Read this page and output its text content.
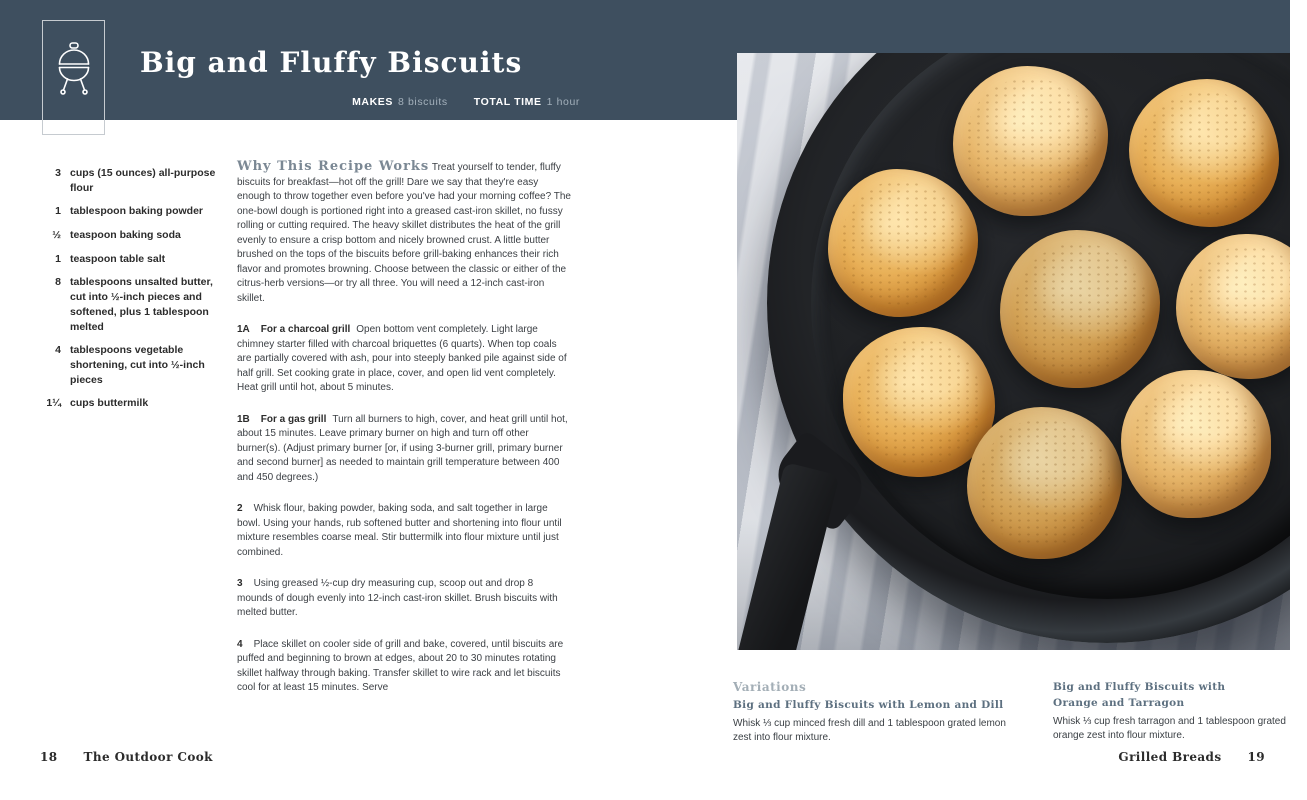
Big and Fluffy Biscuits
MAKES 8 biscuits TOTAL TIME 1 hour
3 cups (15 ounces) all-purpose flour
1 tablespoon baking powder
½ teaspoon baking soda
1 teaspoon table salt
8 tablespoons unsalted butter, cut into ½-inch pieces and softened, plus 1 tablespoon melted
4 tablespoons vegetable shortening, cut into ½-inch pieces
1¼ cups buttermilk

Why This Recipe Works Treat yourself to tender, fluffy biscuits for breakfast—hot off the grill! Dare we say that they're easy enough to throw together even before you've had your morning coffee? The one-bowl dough is portioned right into a greased cast-iron skillet, no fussy rolling or cutting required. The heavy skillet distributes the heat of the grill evenly to ensure a crisp bottom and nicely browned crust. A little butter brushed on the tops of the biscuits before grill-baking enhances their rich flavor and promotes browning. Choose between the classic or either of the citrus-herb versions—or try all three. You will need a 12-inch cast-iron skillet.

1A For a charcoal grill Open bottom vent completely. Light large chimney starter filled with charcoal briquettes (6 quarts). When top coals are partially covered with ash, pour into steeply banked pile against side of half grill. Set cooking grate in place, cover, and open lid vent completely. Heat grill until hot, about 5 minutes.

1B For a gas grill Turn all burners to high, cover, and heat grill until hot, about 15 minutes. Leave primary burner on high and turn off other burner(s). (Adjust primary burner [or, if using 3-burner grill, primary burner and second burner] as needed to maintain grill temperature between 400 and 450 degrees.)

2 Whisk flour, baking powder, baking soda, and salt together in large bowl. Using your hands, rub softened butter and shortening into flour until mixture resembles coarse meal. Stir buttermilk into flour mixture until just combined.

3 Using greased ½-cup dry measuring cup, scoop out and drop 8 mounds of dough evenly into 12-inch cast-iron skillet. Brush biscuits with melted butter.

4 Place skillet on cooler side of grill and bake, covered, until biscuits are puffed and beginning to brown at edges, about 20 to 30 minutes rotating skillet halfway through baking. Transfer skillet to wire rack and let biscuits cool for at least 15 minutes. Serve

18 The Outdoor Cook
Variations
Big and Fluffy Biscuits with Lemon and Dill
Whisk ⅓ cup minced fresh dill and 1 tablespoon grated lemon zest into flour mixture.
Big and Fluffy Biscuits with Orange and Tarragon
Whisk ⅓ cup fresh tarragon and 1 tablespoon grated orange zest into flour mixture.
Grilled Breads 19
